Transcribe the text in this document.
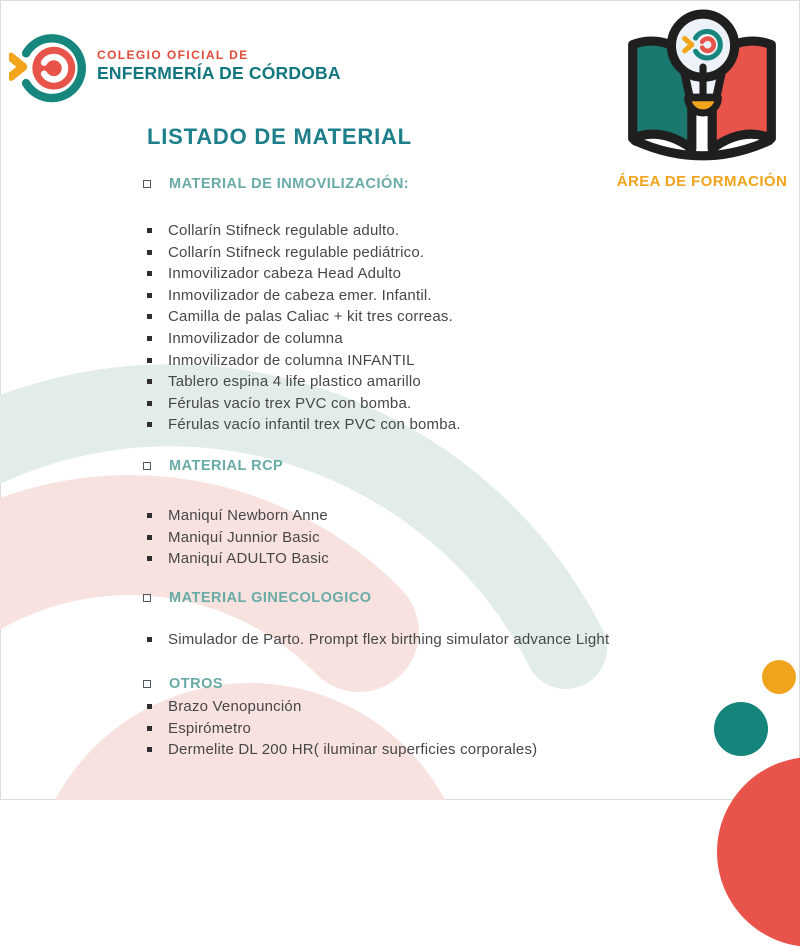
COLEGIO OFICIAL DE
ENFERMERÍA DE CÓRDOBA
ÁREA DE FORMACIÓN
LISTADO DE MATERIAL
MATERIAL DE INMOVILIZACIÓN:
Collarín Stifneck regulable adulto.
Collarín Stifneck regulable pediátrico.
Inmovilizador cabeza Head Adulto
Inmovilizador de cabeza emer. Infantil.
Camilla de palas Caliac + kit tres correas.
Inmovilizador de columna
Inmovilizador de columna INFANTIL
Tablero espina 4 life plastico amarillo
Férulas vacío trex PVC con bomba.
Férulas vacío infantil trex PVC con bomba.
MATERIAL RCP
Maniquí Newborn Anne
Maniquí Junnior Basic
Maniquí ADULTO Basic
MATERIAL GINECOLOGICO
Simulador de Parto. Prompt flex birthing simulator advance Light
OTROS
Brazo Venopunción
Espirómetro
Dermelite DL 200 HR( iluminar superficies corporales)
